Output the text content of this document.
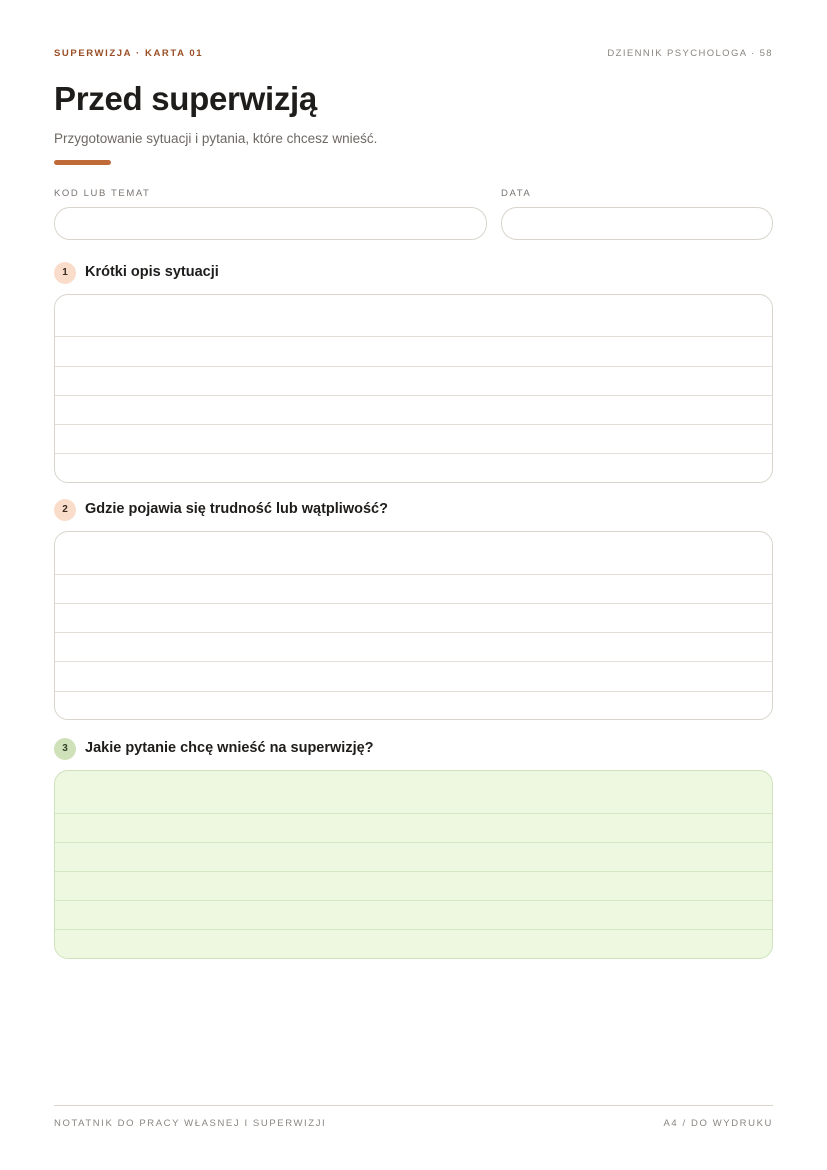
SUPERWIZJA · KARTA 01	DZIENNIK PSYCHOLOGA · 58
Przed superwizją
Przygotowanie sytuacji i pytania, które chcesz wnieść.
KOD LUB TEMAT	DATA
1	Krótki opis sytuacji
2	Gdzie pojawia się trudność lub wątpliwość?
3	Jakie pytanie chcę wnieść na superwizję?
NOTATNIK DO PRACY WŁASNEJ I SUPERWIZJI	A4 / DO WYDRUKU
